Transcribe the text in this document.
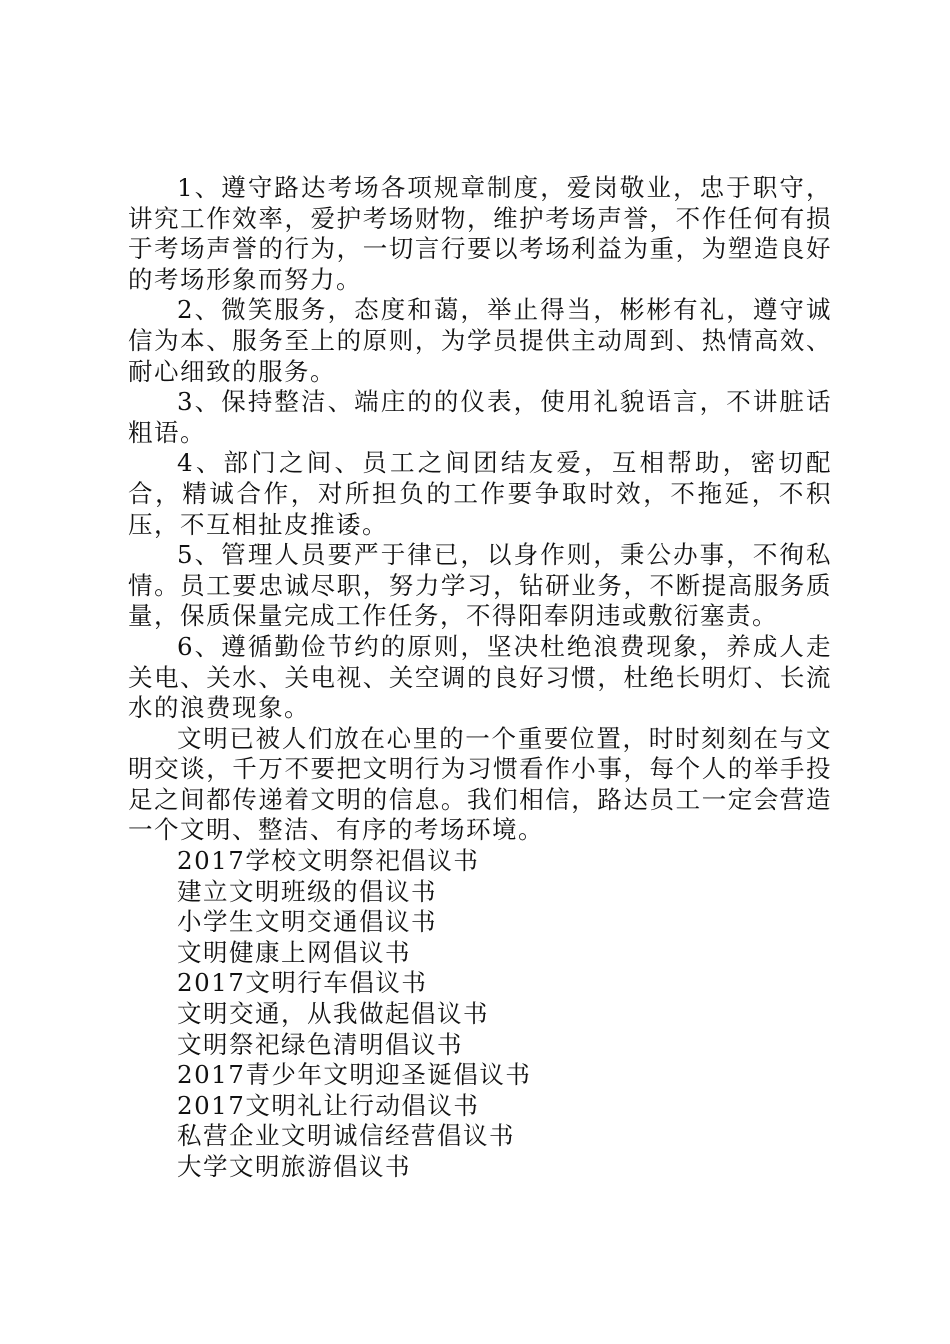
1、遵守路达考场各项规章制度，爱岗敬业，忠于职守，讲究工作效率，爱护考场财物，维护考场声誉，不作任何有损于考场声誉的行为，一切言行要以考场利益为重，为塑造良好的考场形象而努力。

2、微笑服务，态度和蔼，举止得当，彬彬有礼，遵守诚信为本、服务至上的原则，为学员提供主动周到、热情高效、耐心细致的服务。

3、保持整洁、端庄的的仪表，使用礼貌语言，不讲脏话粗语。

4、部门之间、员工之间团结友爱，互相帮助，密切配合，精诚合作，对所担负的工作要争取时效，不拖延，不积压，不互相扯皮推诿。

5、管理人员要严于律已，以身作则，秉公办事，不徇私情。员工要忠诚尽职，努力学习，钻研业务，不断提高服务质量，保质保量完成工作任务，不得阳奉阴违或敷衍塞责。

6、遵循勤俭节约的原则，坚决杜绝浪费现象，养成人走关电、关水、关电视、关空调的良好习惯，杜绝长明灯、长流水的浪费现象。

文明已被人们放在心里的一个重要位置，时时刻刻在与文明交谈，千万不要把文明行为习惯看作小事，每个人的举手投足之间都传递着文明的信息。我们相信，路达员工一定会营造一个文明、整洁、有序的考场环境。

2017学校文明祭祀倡议书
建立文明班级的倡议书
小学生文明交通倡议书
文明健康上网倡议书
2017文明行车倡议书
文明交通，从我做起倡议书
文明祭祀绿色清明倡议书
2017青少年文明迎圣诞倡议书
2017文明礼让行动倡议书
私营企业文明诚信经营倡议书
大学文明旅游倡议书
